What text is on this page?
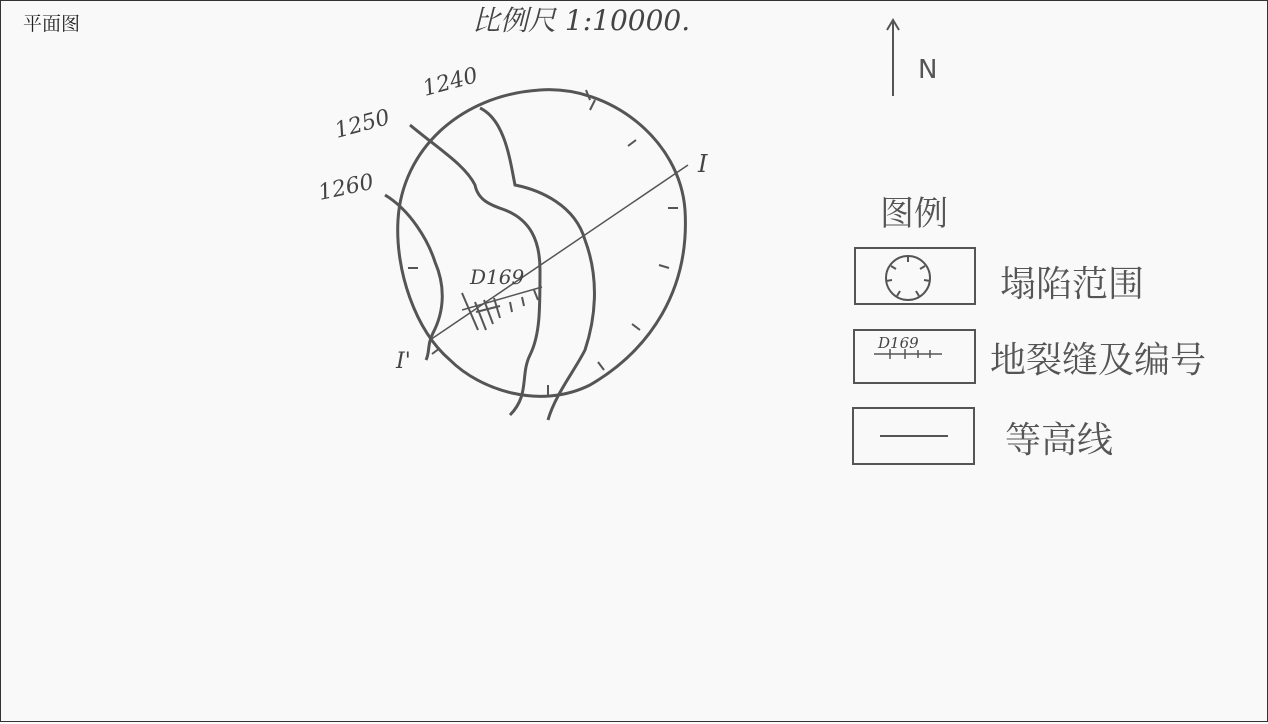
平面图	比例尺 1:10000.
N
1240
1250
1260
I
I'
D169
图例
塌陷范围
D169 地裂缝及编号
等高线
